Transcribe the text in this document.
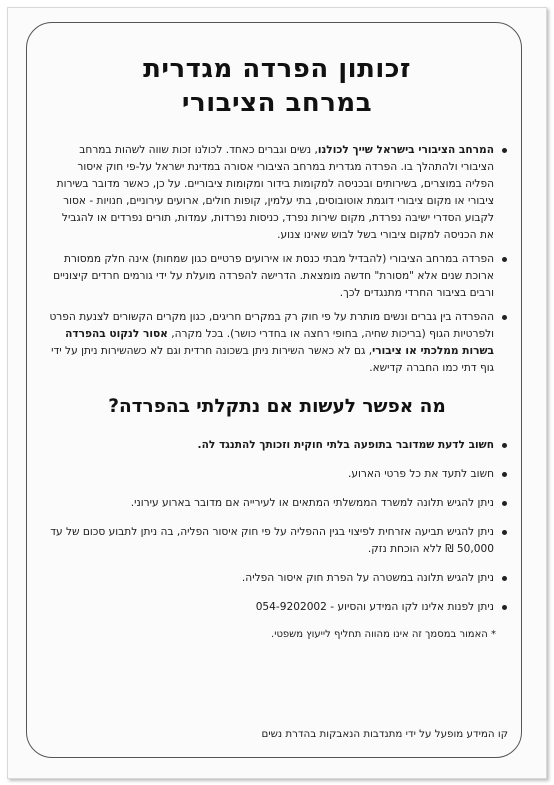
זכותון הפרדה מגדרית
במרחב הציבורי
המרחב הציבורי בישראל שייך לכולנו, נשים וגברים כאחד. לכולנו זכות שווה לשהות במרחב הציבורי ולהתהלך בו. הפרדה מגדרית במרחב הציבורי אסורה במדינת ישראל על-פי חוק איסור הפליה במוצרים, בשירותים ובכניסה למקומות בידור ומקומות ציבוריים. על כן, כאשר מדובר בשירות ציבורי או מקום ציבורי דוגמת אוטובוסים, בתי עלמין, קופות חולים, ארועים עירוניים, חנויות - אסור לקבוע הסדרי ישיבה נפרדת, מקום שירות נפרד, כניסות נפרדות, עמדות, תורים נפרדים או להגביל את הכניסה למקום ציבורי בשל לבוש שאינו צנוע.
הפרדה במרחב הציבורי (להבדיל מבתי כנסת או אירועים פרטיים כגון שמחות) אינה חלק ממסורת ארוכת שנים אלא "מסורת" חדשה מומצאת. הדרישה להפרדה מועלת על ידי גורמים חרדים קיצוניים ורבים בציבור החרדי מתנגדים לכך.
ההפרדה בין גברים ונשים מותרת על פי חוק רק במקרים חריגים, כגון מקרים הקשורים לצנעת הפרט ולפרטיות הגוף (בריכות שחיה, בחופי רחצה או בחדרי כושר). בכל מקרה, אסור לנקוט בהפרדה בשרות ממלכתי או ציבורי, גם לא כאשר השירות ניתן בשכונה חרדית וגם לא כשהשירות ניתן על ידי גוף דתי כמו החברה קדישא.
מה אפשר לעשות אם נתקלתי בהפרדה?
חשוב לדעת שמדובר בתופעה בלתי חוקית וזכותך להתנגד לה.
חשוב לתעד את כל פרטי הארוע.
ניתן להגיש תלונה למשרד הממשלתי המתאים או לעירייה אם מדובר בארוע עירוני.
ניתן להגיש תביעה אזרחית לפיצוי בגין ההפליה על פי חוק איסור הפליה, בה ניתן לתבוע סכום של עד 50,000 ₪ ללא הוכחת נזק.
ניתן להגיש תלונה במשטרה על הפרת חוק איסור הפליה.
ניתן לפנות אלינו לקו המידע והסיוע - 054-9202002
* האמור במסמך זה אינו מהווה תחליף לייעוץ משפטי.
קו המידע מופעל על ידי מתנדבות הנאבקות בהדרת נשים
